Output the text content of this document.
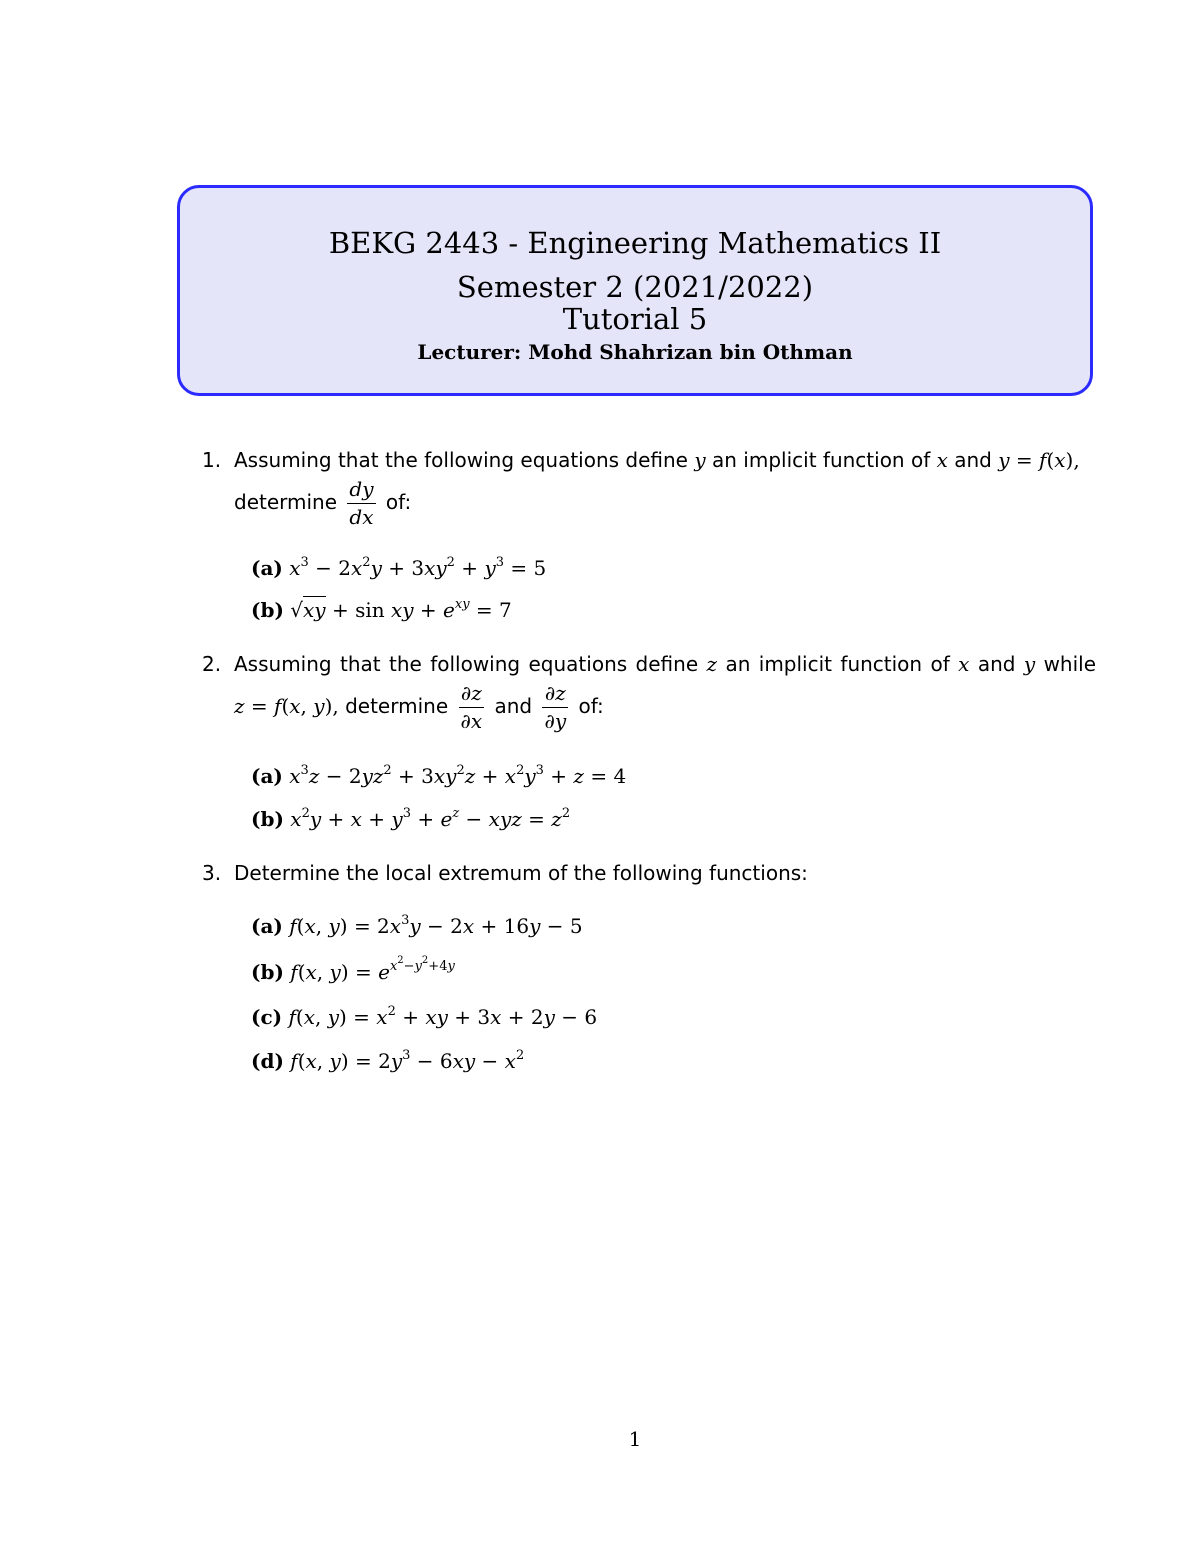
BEKG 2443 - Engineering Mathematics II
Semester 2 (2021/2022)
Tutorial 5
Lecturer: Mohd Shahrizan bin Othman
1. Assuming that the following equations define y an implicit function of x and y = f(x),
determine $\frac{dy}{dx}$ of:
(a) $x^3 - 2x^2y + 3xy^2 + y^3 = 5$
(b) √xy + sin xy + $e^{xy} = 7$
2. Assuming that the following equations define z an implicit function of x and y while
z = f(x, y), determine $\frac{\partial z}{\partial x}$ and $\frac{\partial z}{\partial y}$ of:
(a) $x^3z - 2yz^2 + 3xy^2z + x^2y^3 + z = 4$
(b) $x^2y + x + y^3 + e^z$ − xyz = $z^2$
3. Determine the local extremum of the following functions:
(a) f(x, $y) = 2x^3y - 2x + 16y - 5$
(b) f(x, $y) = e^{x^2-y^2+4y}$
(c) f(x, $y) = x^2$ + xy + 3x + 2y − 6
(d) f(x, $y) = 2y^3 - 6xy - x^2$
1
